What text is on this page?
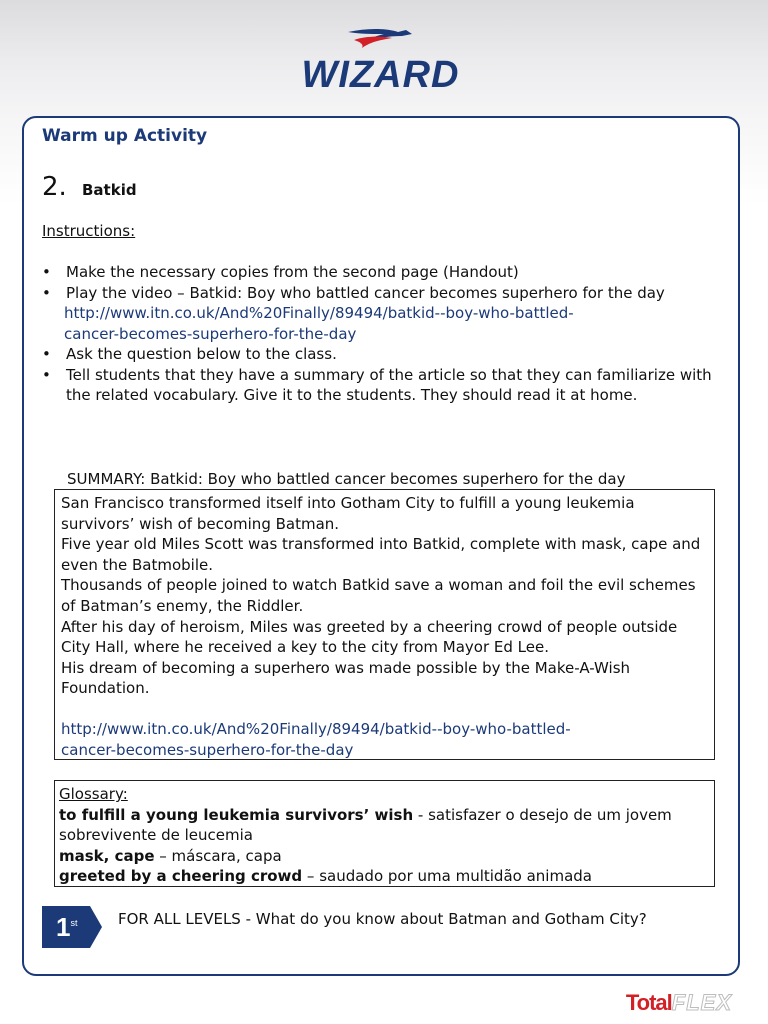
WIZARD
Warm up Activity
2. Batkid
Instructions:
• Make the necessary copies from the second page (Handout)
• Play the video – Batkid: Boy who battled cancer becomes superhero for the day
http://www.itn.co.uk/And%20Finally/89494/batkid--boy-who-battled-
cancer-becomes-superhero-for-the-day
• Ask the question below to the class.
• Tell students that they have a summary of the article so that they can familiarize with the related vocabulary. Give it to the students. They should read it at home.
SUMMARY: Batkid: Boy who battled cancer becomes superhero for the day
San Francisco transformed itself into Gotham City to fulfill a young leukemia survivors’ wish of becoming Batman.
Five year old Miles Scott was transformed into Batkid, complete with mask, cape and even the Batmobile.
Thousands of people joined to watch Batkid save a woman and foil the evil schemes of Batman’s enemy, the Riddler.
After his day of heroism, Miles was greeted by a cheering crowd of people outside City Hall, where he received a key to the city from Mayor Ed Lee.
His dream of becoming a superhero was made possible by the Make-A-Wish Foundation.
http://www.itn.co.uk/And%20Finally/89494/batkid--boy-who-battled-
cancer-becomes-superhero-for-the-day
Glossary:
to fulfill a young leukemia survivors’ wish - satisfazer o desejo de um jovem sobrevivente de leucemia
mask, cape – máscara, capa
greeted by a cheering crowd – saudado por uma multidão animada
1st	FOR ALL LEVELS - What do you know about Batman and Gotham City?
TotalFLEX
